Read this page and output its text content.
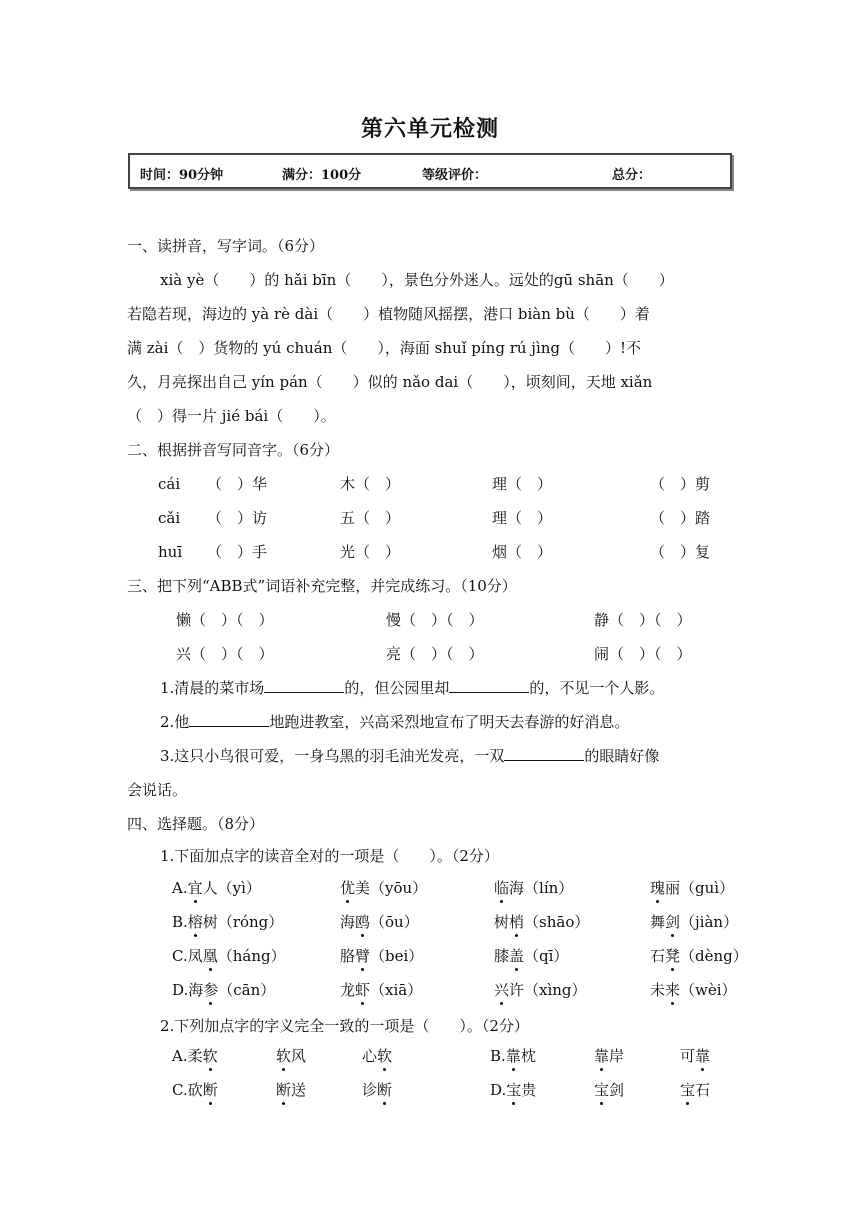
第六单元检测
时间：90分钟	满分：100分	等级评价：	总分：
一、读拼音，写字词。（6分）
xià yè（　　）的 hǎi bīn（　　），景色分外迷人。远处的gū shān（　　）
若隐若现，海边的 yà rè dài（　　）植物随风摇摆，港口 biàn bù（　　）着
满 zài（　）货物的 yú chuán（　　），海面 shuǐ píng rú jìng（　　）!不
久，月亮探出自己 yín pán（　　）似的 nǎo dai（　　），顷刻间，天地 xiǎn
（　）得一片 jié bái（　　）。
二、根据拼音写同音字。（6分）
cái （　）华	木（　）	理（　）	（　）剪
cǎi （　）访	五（　）	理（　）	（　）踏
huī （　）手	光（　）	烟（　）	（　）复
三、把下列“ABB式”词语补充完整，并完成练习。（10分）
懒（　）（　）	慢（　）（　）	静（　）（　）
兴（　）（　）	亮（　）（　）	闹（　）（　）
1.清晨的菜市场	的，但公园里却	的，不见一个人影。
2.他	地跑进教室，兴高采烈地宣布了明天去春游的好消息。
3.这只小鸟很可爱，一身乌黑的羽毛油光发亮，一双	的眼睛好像
会说话。
四、选择题。（8分）
1.下面加点字的读音全对的一项是（　　）。（2分）
A.宜人（yì）	优美（yōu）	临海（lín）	瑰丽（guì）
B.榕树（róng）	海鸥（ōu）	树梢（shāo）	舞剑（jiàn）
C.凤凰（háng）	胳臂（bei）	膝盖（qī）	石凳（dèng）
D.海参（cān）	龙虾（xiā）	兴许（xìng）	未来（wèi）
2.下列加点字的字义完全一致的一项是（　　）。（2分）
A.柔软	软风	心软	B.靠枕	靠岸	可靠
C.砍断	断送	诊断	D.宝贵	宝剑	宝石
